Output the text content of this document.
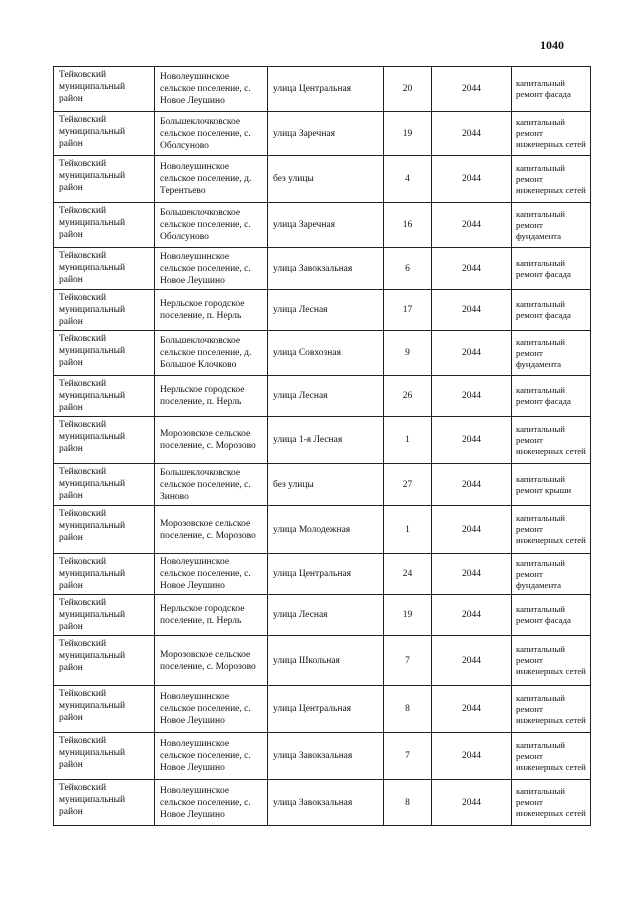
1040
Тейковский муниципальный район	Новолеушинское сельское поселение, с. Новое Леушино	улица Центральная	20	2044	капитальный ремонт фасада
Тейковский муниципальный район	Большеклочковское сельское поселение, с. Оболсуново	улица Заречная	19	2044	капитальный ремонт инженерных сетей
Тейковский муниципальный район	Новолеушинское сельское поселение, д. Терентьево	без улицы	4	2044	капитальный ремонт инженерных сетей
Тейковский муниципальный район	Большеклочковское сельское поселение, с. Оболсуново	улица Заречная	16	2044	капитальный ремонт фундамента
Тейковский муниципальный район	Новолеушинское сельское поселение, с. Новое Леушино	улица Завокзальная	6	2044	капитальный ремонт фасада
Тейковский муниципальный район	Нерльское городское поселение, п. Нерль	улица Лесная	17	2044	капитальный ремонт фасада
Тейковский муниципальный район	Большеклочковское сельское поселение, д. Большое Клочково	улица Совхозная	9	2044	капитальный ремонт фундамента
Тейковский муниципальный район	Нерльское городское поселение, п. Нерль	улица Лесная	26	2044	капитальный ремонт фасада
Тейковский муниципальный район	Морозовское сельское поселение, с. Морозово	улица 1-я Лесная	1	2044	капитальный ремонт инженерных сетей
Тейковский муниципальный район	Большеклочковское сельское поселение, с. Зиново	без улицы	27	2044	капитальный ремонт крыши
Тейковский муниципальный район	Морозовское сельское поселение, с. Морозово	улица Молодежная	1	2044	капитальный ремонт инженерных сетей
Тейковский муниципальный район	Новолеушинское сельское поселение, с. Новое Леушино	улица Центральная	24	2044	капитальный ремонт фундамента
Тейковский муниципальный район	Нерльское городское поселение, п. Нерль	улица Лесная	19	2044	капитальный ремонт фасада
Тейковский муниципальный район	Морозовское сельское поселение, с. Морозово	улица Школьная	7	2044	капитальный ремонт инженерных сетей
Тейковский муниципальный район	Новолеушинское сельское поселение, с. Новое Леушино	улица Центральная	8	2044	капитальный ремонт инженерных сетей
Тейковский муниципальный район	Новолеушинское сельское поселение, с. Новое Леушино	улица Завокзальная	7	2044	капитальный ремонт инженерных сетей
Тейковский муниципальный район	Новолеушинское сельское поселение, с. Новое Леушино	улица Завокзальная	8	2044	капитальный ремонт инженерных сетей
